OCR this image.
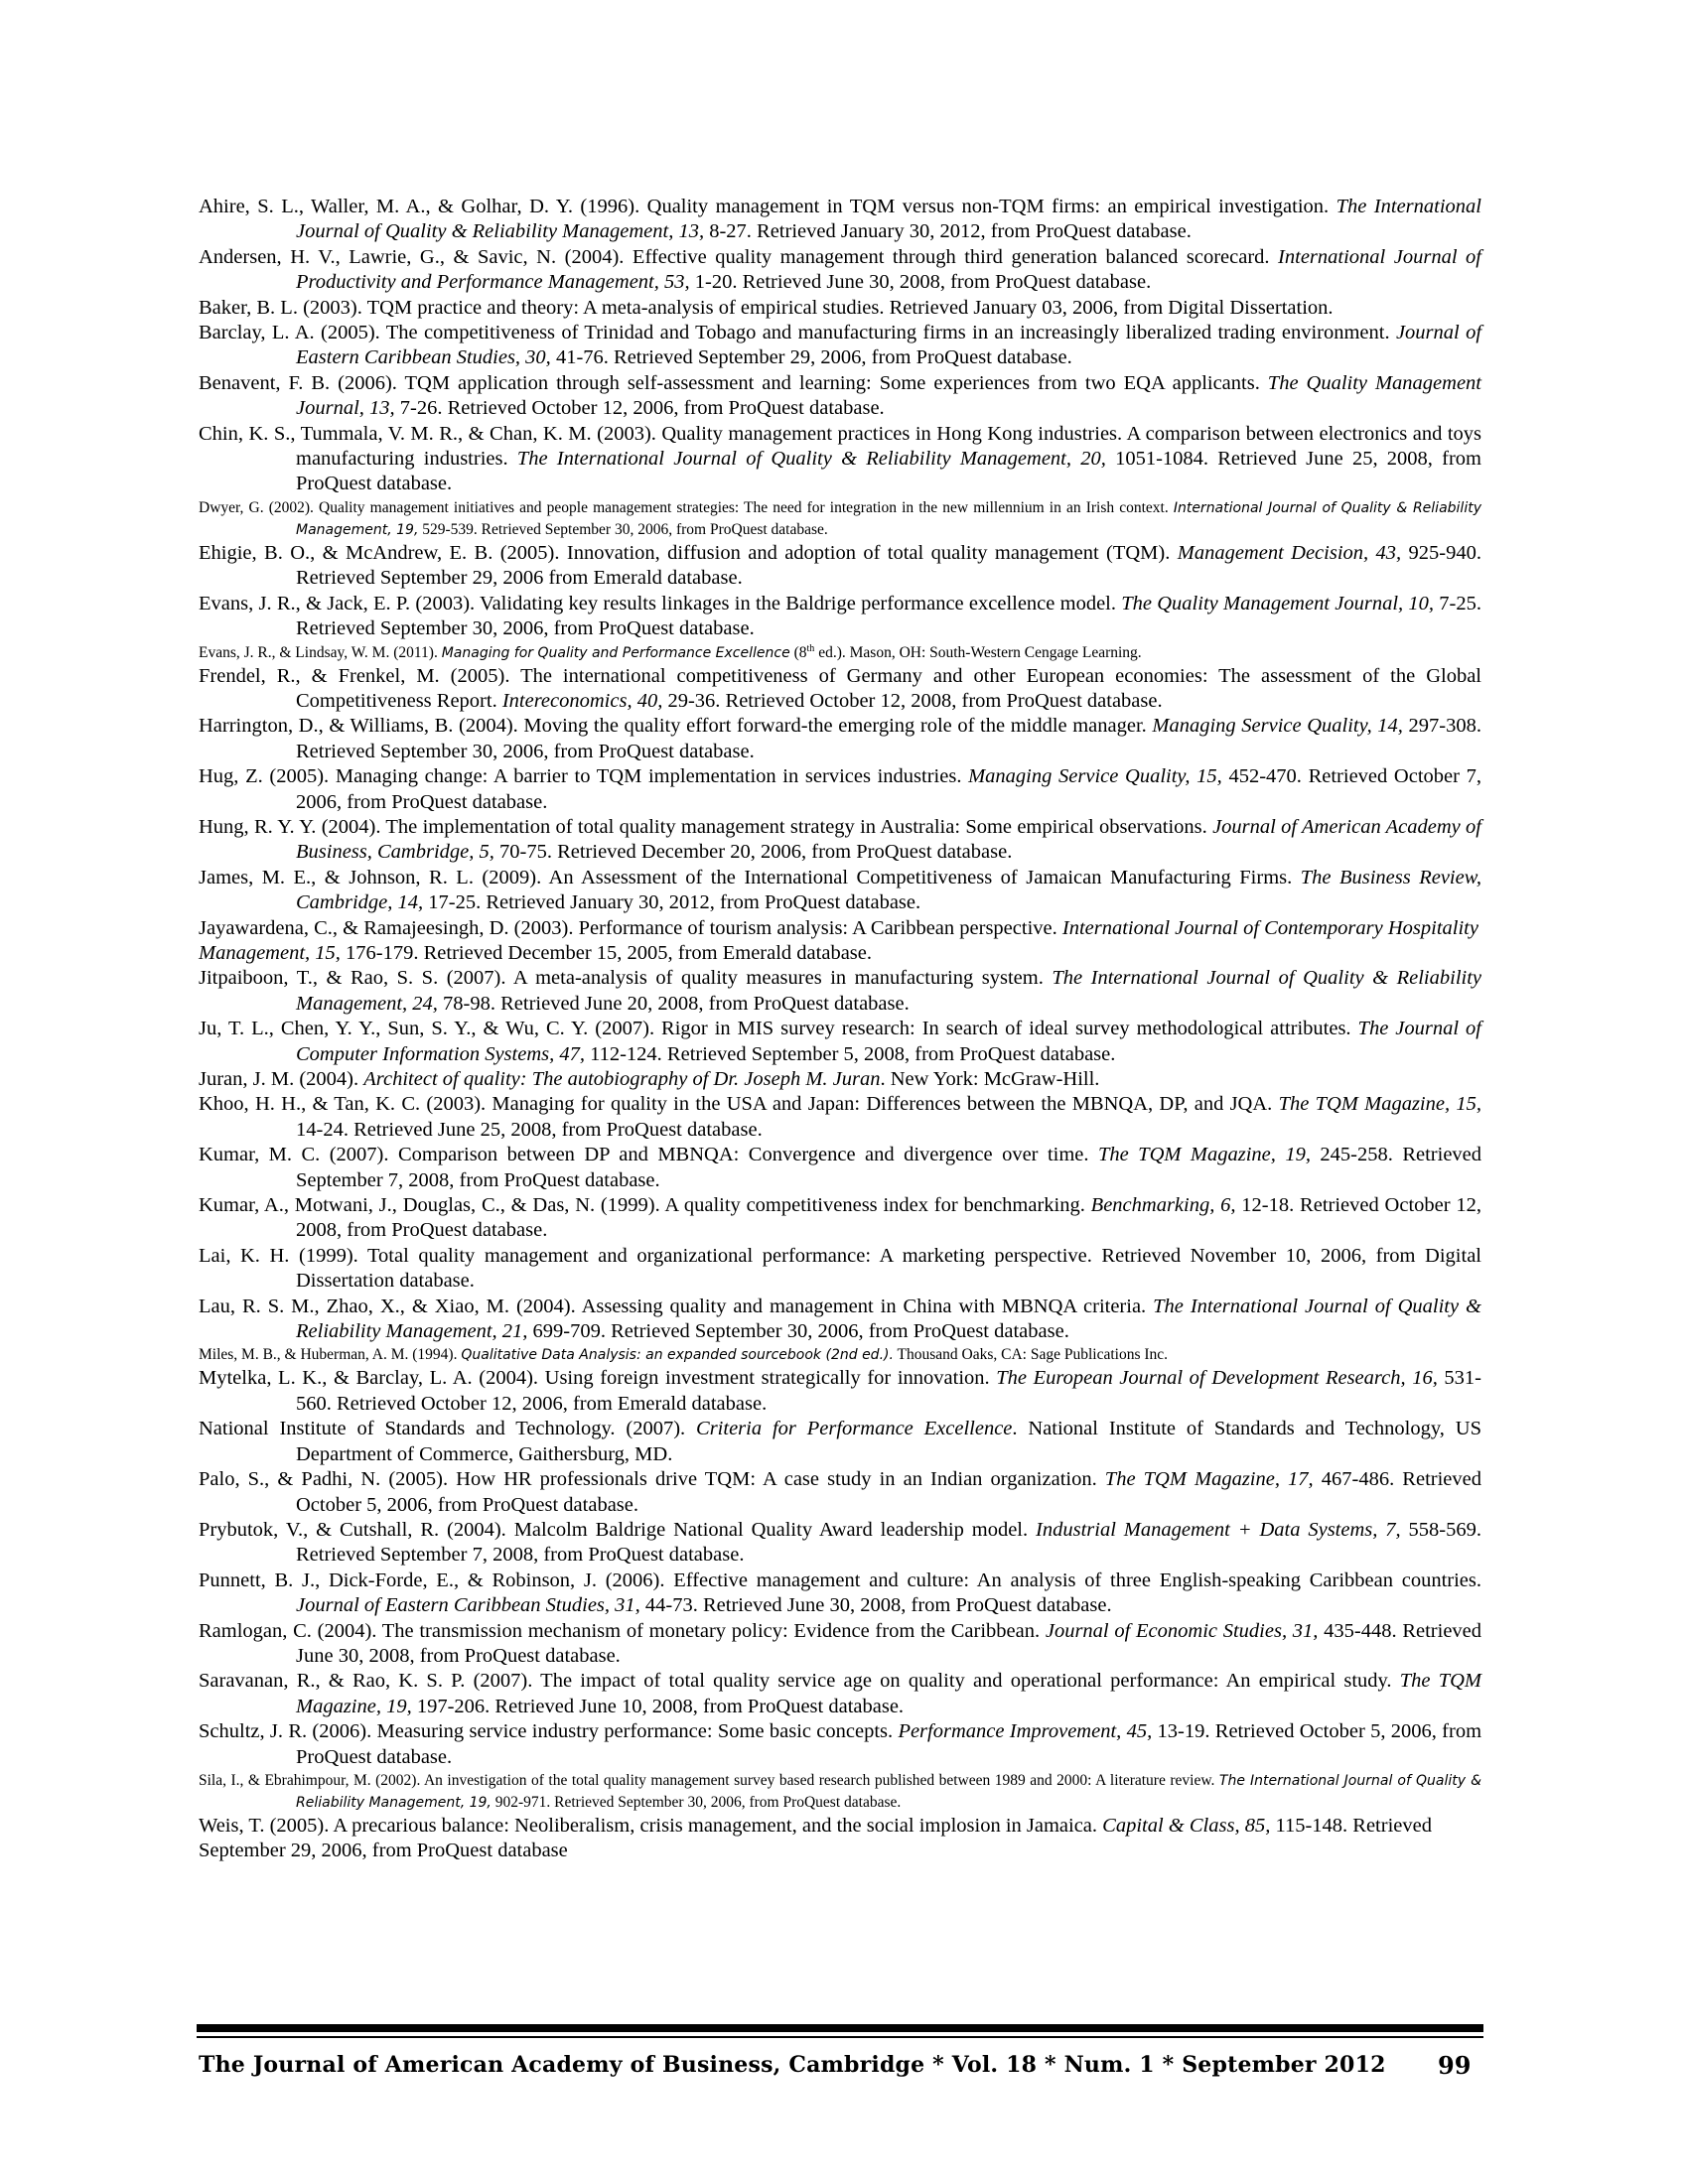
Ahire, S. L., Waller, M. A., & Golhar, D. Y. (1996). Quality management in TQM versus non-TQM firms: an empirical investigation. The International Journal of Quality & Reliability Management, 13, 8-27. Retrieved January 30, 2012, from ProQuest database.
Andersen, H. V., Lawrie, G., & Savic, N. (2004). Effective quality management through third generation balanced scorecard. International Journal of Productivity and Performance Management, 53, 1-20. Retrieved June 30, 2008, from ProQuest database.
Baker, B. L. (2003). TQM practice and theory: A meta-analysis of empirical studies. Retrieved January 03, 2006, from Digital Dissertation.
Barclay, L. A. (2005). The competitiveness of Trinidad and Tobago and manufacturing firms in an increasingly liberalized trading environment. Journal of Eastern Caribbean Studies, 30, 41-76. Retrieved September 29, 2006, from ProQuest database.
Benavent, F. B. (2006). TQM application through self-assessment and learning: Some experiences from two EQA applicants. The Quality Management Journal, 13, 7-26. Retrieved October 12, 2006, from ProQuest database.
Chin, K. S., Tummala, V. M. R., & Chan, K. M. (2003). Quality management practices in Hong Kong industries. A comparison between electronics and toys manufacturing industries. The International Journal of Quality & Reliability Management, 20, 1051-1084. Retrieved June 25, 2008, from ProQuest database.
Dwyer, G. (2002). Quality management initiatives and people management strategies: The need for integration in the new millennium in an Irish context. International Journal of Quality & Reliability Management, 19, 529-539. Retrieved September 30, 2006, from ProQuest database.
Ehigie, B. O., & McAndrew, E. B. (2005). Innovation, diffusion and adoption of total quality management (TQM). Management Decision, 43, 925-940. Retrieved September 29, 2006 from Emerald database.
Evans, J. R., & Jack, E. P. (2003). Validating key results linkages in the Baldrige performance excellence model. The Quality Management Journal, 10, 7-25. Retrieved September 30, 2006, from ProQuest database.
Evans, J. R., & Lindsay, W. M. (2011). Managing for Quality and Performance Excellence (8th ed.). Mason, OH: South-Western Cengage Learning.
Frendel, R., & Frenkel, M. (2005). The international competitiveness of Germany and other European economies: The assessment of the Global Competitiveness Report. Intereconomics, 40, 29-36. Retrieved October 12, 2008, from ProQuest database.
Harrington, D., & Williams, B. (2004). Moving the quality effort forward-the emerging role of the middle manager. Managing Service Quality, 14, 297-308. Retrieved September 30, 2006, from ProQuest database.
Hug, Z. (2005). Managing change: A barrier to TQM implementation in services industries. Managing Service Quality, 15, 452-470. Retrieved October 7, 2006, from ProQuest database.
Hung, R. Y. Y. (2004). The implementation of total quality management strategy in Australia: Some empirical observations. Journal of American Academy of Business, Cambridge, 5, 70-75. Retrieved December 20, 2006, from ProQuest database.
James, M. E., & Johnson, R. L. (2009). An Assessment of the International Competitiveness of Jamaican Manufacturing Firms. The Business Review, Cambridge, 14, 17-25. Retrieved January 30, 2012, from ProQuest database.
Jayawardena, C., & Ramajeesingh, D. (2003). Performance of tourism analysis: A Caribbean perspective. International Journal of Contemporary Hospitality Management, 15, 176-179. Retrieved December 15, 2005, from Emerald database.
Jitpaiboon, T., & Rao, S. S. (2007). A meta-analysis of quality measures in manufacturing system. The International Journal of Quality & Reliability Management, 24, 78-98. Retrieved June 20, 2008, from ProQuest database.
Ju, T. L., Chen, Y. Y., Sun, S. Y., & Wu, C. Y. (2007). Rigor in MIS survey research: In search of ideal survey methodological attributes. The Journal of Computer Information Systems, 47, 112-124. Retrieved September 5, 2008, from ProQuest database.
Juran, J. M. (2004). Architect of quality: The autobiography of Dr. Joseph M. Juran. New York: McGraw-Hill.
Khoo, H. H., & Tan, K. C. (2003). Managing for quality in the USA and Japan: Differences between the MBNQA, DP, and JQA. The TQM Magazine, 15, 14-24. Retrieved June 25, 2008, from ProQuest database.
Kumar, M. C. (2007). Comparison between DP and MBNQA: Convergence and divergence over time. The TQM Magazine, 19, 245-258. Retrieved September 7, 2008, from ProQuest database.
Kumar, A., Motwani, J., Douglas, C., & Das, N. (1999). A quality competitiveness index for benchmarking. Benchmarking, 6, 12-18. Retrieved October 12, 2008, from ProQuest database.
Lai, K. H. (1999). Total quality management and organizational performance: A marketing perspective. Retrieved November 10, 2006, from Digital Dissertation database.
Lau, R. S. M., Zhao, X., & Xiao, M. (2004). Assessing quality and management in China with MBNQA criteria. The International Journal of Quality & Reliability Management, 21, 699-709. Retrieved September 30, 2006, from ProQuest database.
Miles, M. B., & Huberman, A. M. (1994). Qualitative Data Analysis: an expanded sourcebook (2nd ed.). Thousand Oaks, CA: Sage Publications Inc.
Mytelka, L. K., & Barclay, L. A. (2004). Using foreign investment strategically for innovation. The European Journal of Development Research, 16, 531-560. Retrieved October 12, 2006, from Emerald database.
National Institute of Standards and Technology. (2007). Criteria for Performance Excellence. National Institute of Standards and Technology, US Department of Commerce, Gaithersburg, MD.
Palo, S., & Padhi, N. (2005). How HR professionals drive TQM: A case study in an Indian organization. The TQM Magazine, 17, 467-486. Retrieved October 5, 2006, from ProQuest database.
Prybutok, V., & Cutshall, R. (2004). Malcolm Baldrige National Quality Award leadership model. Industrial Management + Data Systems, 7, 558-569. Retrieved September 7, 2008, from ProQuest database.
Punnett, B. J., Dick-Forde, E., & Robinson, J. (2006). Effective management and culture: An analysis of three English-speaking Caribbean countries. Journal of Eastern Caribbean Studies, 31, 44-73. Retrieved June 30, 2008, from ProQuest database.
Ramlogan, C. (2004). The transmission mechanism of monetary policy: Evidence from the Caribbean. Journal of Economic Studies, 31, 435-448. Retrieved June 30, 2008, from ProQuest database.
Saravanan, R., & Rao, K. S. P. (2007). The impact of total quality service age on quality and operational performance: An empirical study. The TQM Magazine, 19, 197-206. Retrieved June 10, 2008, from ProQuest database.
Schultz, J. R. (2006). Measuring service industry performance: Some basic concepts. Performance Improvement, 45, 13-19. Retrieved October 5, 2006, from ProQuest database.
Sila, I., & Ebrahimpour, M. (2002). An investigation of the total quality management survey based research published between 1989 and 2000: A literature review. The International Journal of Quality & Reliability Management, 19, 902-971. Retrieved September 30, 2006, from ProQuest database.
Weis, T. (2005). A precarious balance: Neoliberalism, crisis management, and the social implosion in Jamaica. Capital & Class, 85, 115-148. Retrieved September 29, 2006, from ProQuest database
The Journal of American Academy of Business, Cambridge * Vol. 18 * Num. 1 * September 2012 99
